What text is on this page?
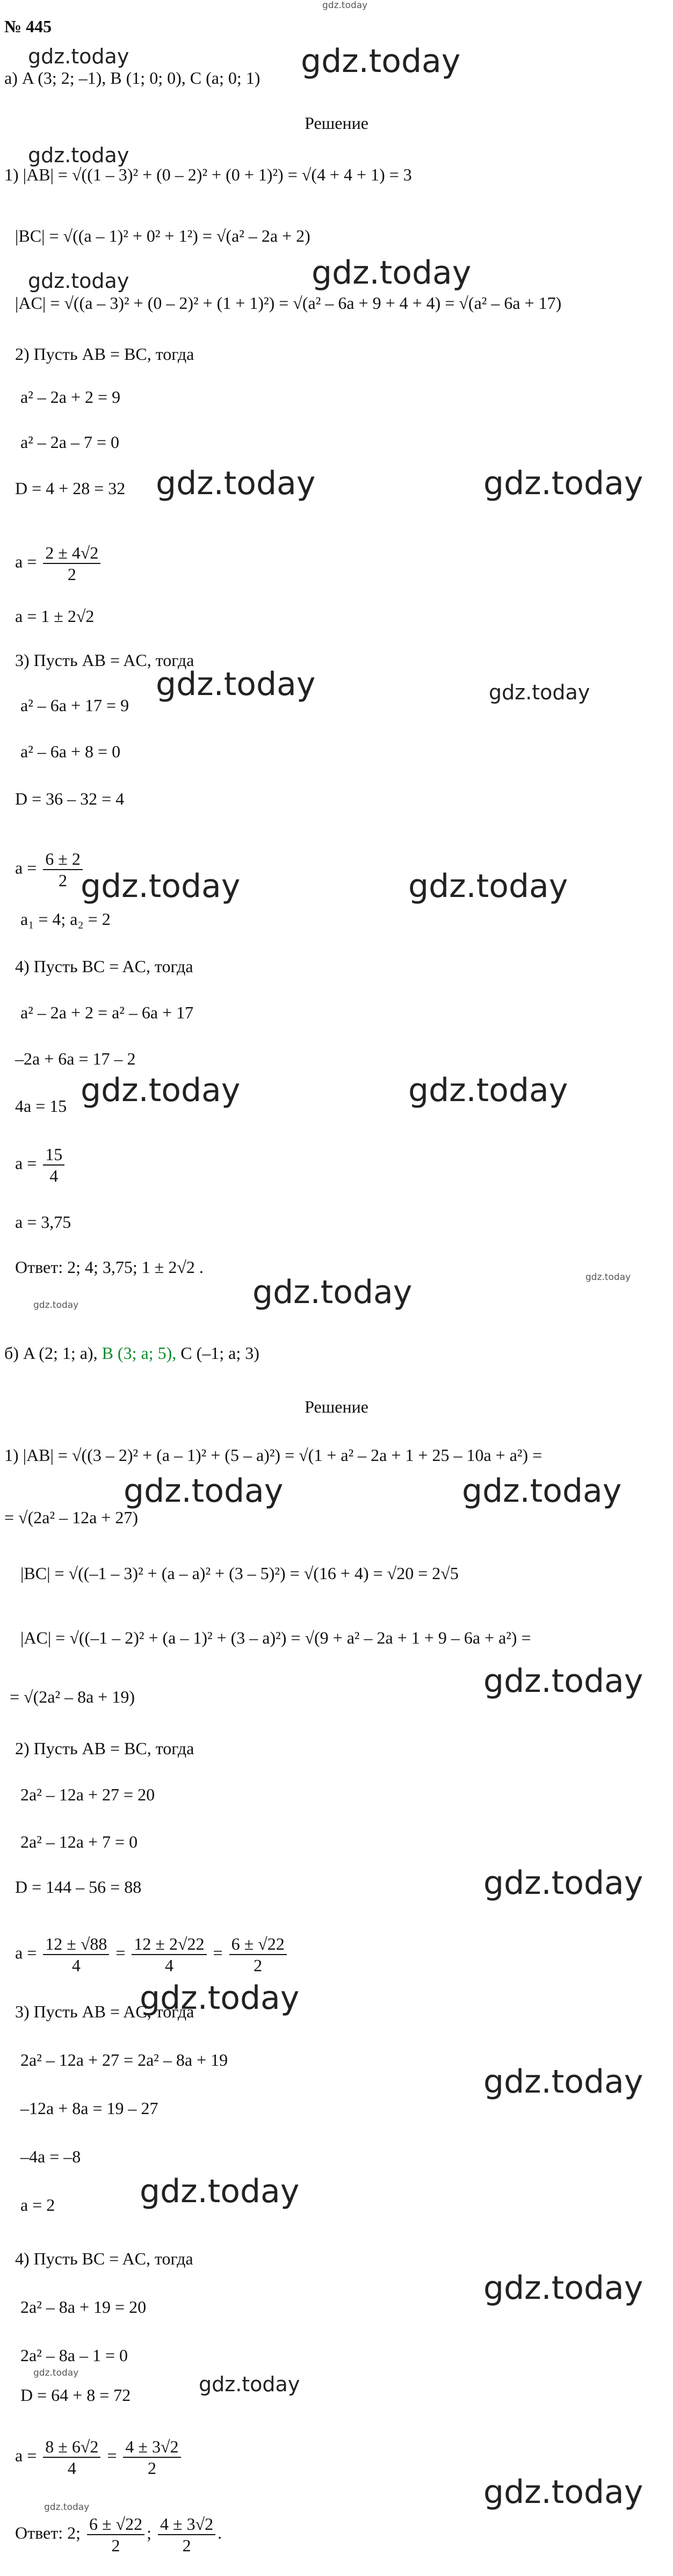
gdz.today
№ 445
gdz.today
а) A (3; 2; –1), B (1; 0; 0), C (a; 0; 1) gdz.today
Решение
gdz.today
1) |AB| = √((1 – 3)² + (0 – 2)² + (0 + 1)²) = √(4 + 4 + 1) = 3
|BC| = √((a – 1)² + 0² + 1²) = √(a² – 2a + 2)
gdz.today	gdz.today
|AC| = √((a – 3)² + (0 – 2)² + (1 + 1)²) = √(a² – 6a + 9 + 4 + 4) = √(a² – 6a + 17)
2) Пусть AB = BC, тогда
a² – 2a + 2 = 9
a² – 2a – 7 = 0
D = 4 + 28 = 32 gdz.today	gdz.today
$a = \frac{2 \pm 4√2}{2}$
a = 1 ± 2√2
3) Пусть AB = AC, тогда
gdz.today	gdz.today
a² – 6a + 17 = 9
a² – 6a + 8 = 0
D = 36 – 32 = 4
$a = \frac{6 \pm 2}{2}$
gdz.today	gdz.today
a₁ = 4; a₂ = 2
4) Пусть BC = AC, тогда
a² – 2a + 2 = a² – 6a + 17
–2a + 6a = 17 – 2
4a = 15 gdz.today	gdz.today
$a = \frac{15}{4}$
a = 3,75
Ответ: 2; 4; 3,75; 1 ± 2√2 .
gdz.today	gdz.today
gdz.today
б) A (2; 1; a), B (3; a; 5), C (–1; a; 3)
Решение
1) |AB| = √((3 – 2)² + (a – 1)² + (5 – a)²) = √(1 + a² – 2a + 1 + 25 – 10a + a²) =
gdz.today	gdz.today
= √(2a² – 12a + 27)
|BC| = √((–1 – 3)² + (a – a)² + (3 – 5)²) = √(16 + 4) = √20 = 2√5
|AC| = √((–1 – 2)² + (a – 1)² + (3 – a)²) = √(9 + a² – 2a + 1 + 9 – 6a + a²) =
gdz.today
= √(2a² – 8a + 19)
2) Пусть AB = BC, тогда
2a² – 12a + 27 = 20
2a² – 12a + 7 = 0
D = 144 – 56 = 88	gdz.today
$a = \frac{12 \pm √88}{4} = \frac{12 \pm 2√22}{4} = \frac{6 \pm √22}{2}$
gdz.today
3) Пусть AB = AC, тогда
2a² – 12a + 27 = 2a² – 8a + 19
gdz.today
–12a + 8a = 19 – 27
–4a = –8
gdz.today
a = 2
4) Пусть BC = AC, тогда
gdz.today
2a² – 8a + 19 = 20
2a² – 8a – 1 = 0
gdz.today	gdz.today
D = 64 + 8 = 72
$a = \frac{8 \pm 6√2}{4} = \frac{4 \pm 3√2}{2}$
gdz.today
gdz.today
Ответ: 2; $\frac{6 \pm √22}{2}$ ; $\frac{4 \pm 3√2}{2}$ .
